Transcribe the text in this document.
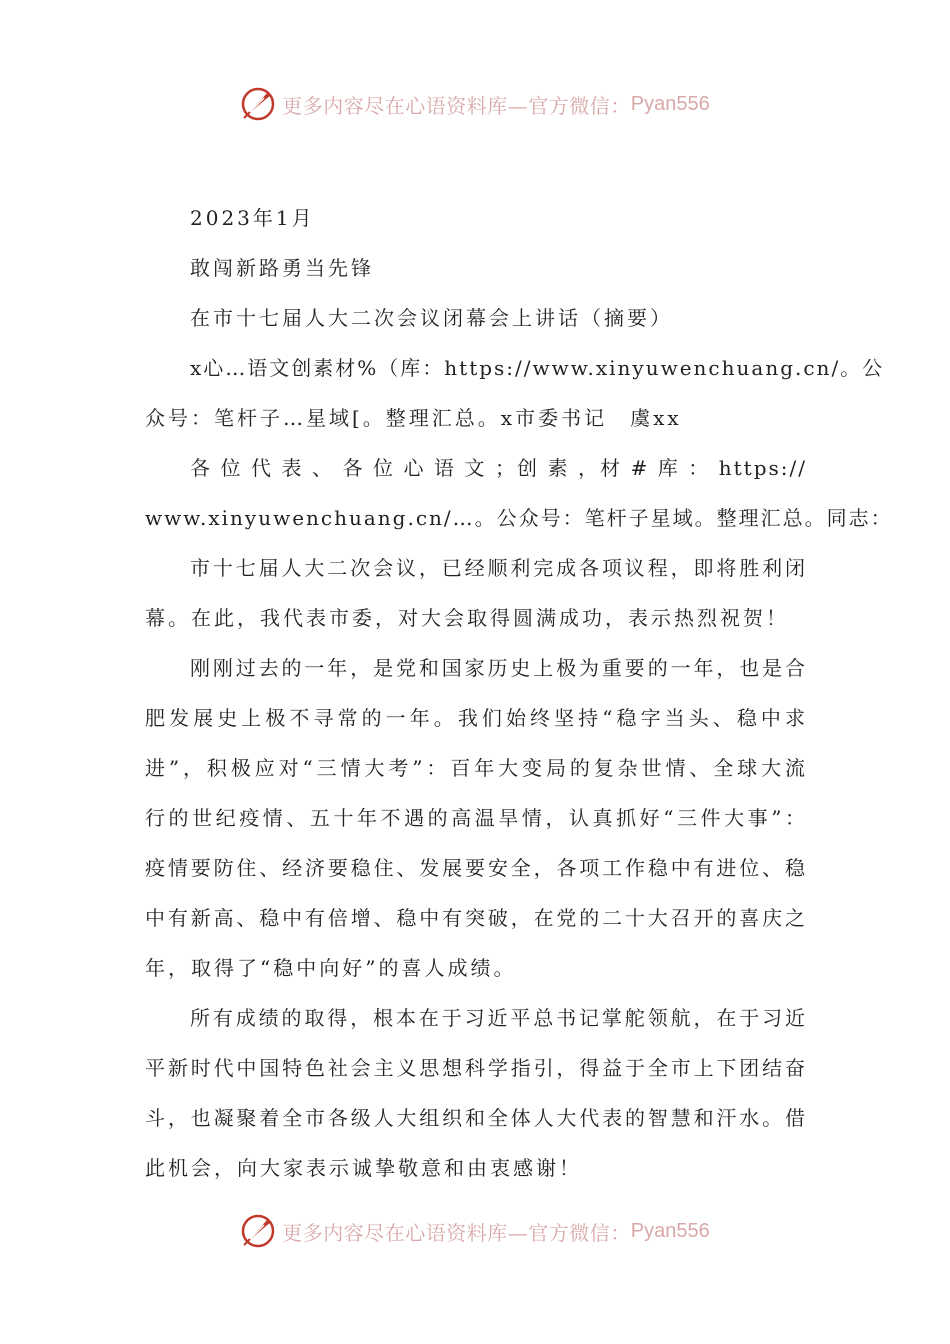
更多内容尽在心语资料库—官方微信： Pyan556
2023年1月
敢闯新路勇当先锋
在市十七届人大二次会议闭幕会上讲话（摘要）
x心…语文创素材%（库：https://www.xinyuwenchuang.cn/。公
众号：笔杆子…星域[。整理汇总。x市委书记　虞xx
各 位 代 表 、 各 位 心 语 文 ；创 素 ，材 # 库 ： https://
www.xinyuwenchuang.cn/…。公众号：笔杆子星域。整理汇总。同志：
市十七届人大二次会议，已经顺利完成各项议程，即将胜利闭
幕。在此，我代表市委，对大会取得圆满成功，表示热烈祝贺！
刚刚过去的一年，是党和国家历史上极为重要的一年，也是合
肥发展史上极不寻常的一年。我们始终坚持“稳字当头、稳中求
进”，积极应对“三情大考”：百年大变局的复杂世情、全球大流
行的世纪疫情、五十年不遇的高温旱情，认真抓好“三件大事”：
疫情要防住、经济要稳住、发展要安全，各项工作稳中有进位、稳
中有新高、稳中有倍增、稳中有突破，在党的二十大召开的喜庆之
年，取得了“稳中向好”的喜人成绩。
所有成绩的取得，根本在于习近平总书记掌舵领航，在于习近
平新时代中国特色社会主义思想科学指引，得益于全市上下团结奋
斗，也凝聚着全市各级人大组织和全体人大代表的智慧和汗水。借
此机会，向大家表示诚挚敬意和由衷感谢！
更多内容尽在心语资料库—官方微信： Pyan556
